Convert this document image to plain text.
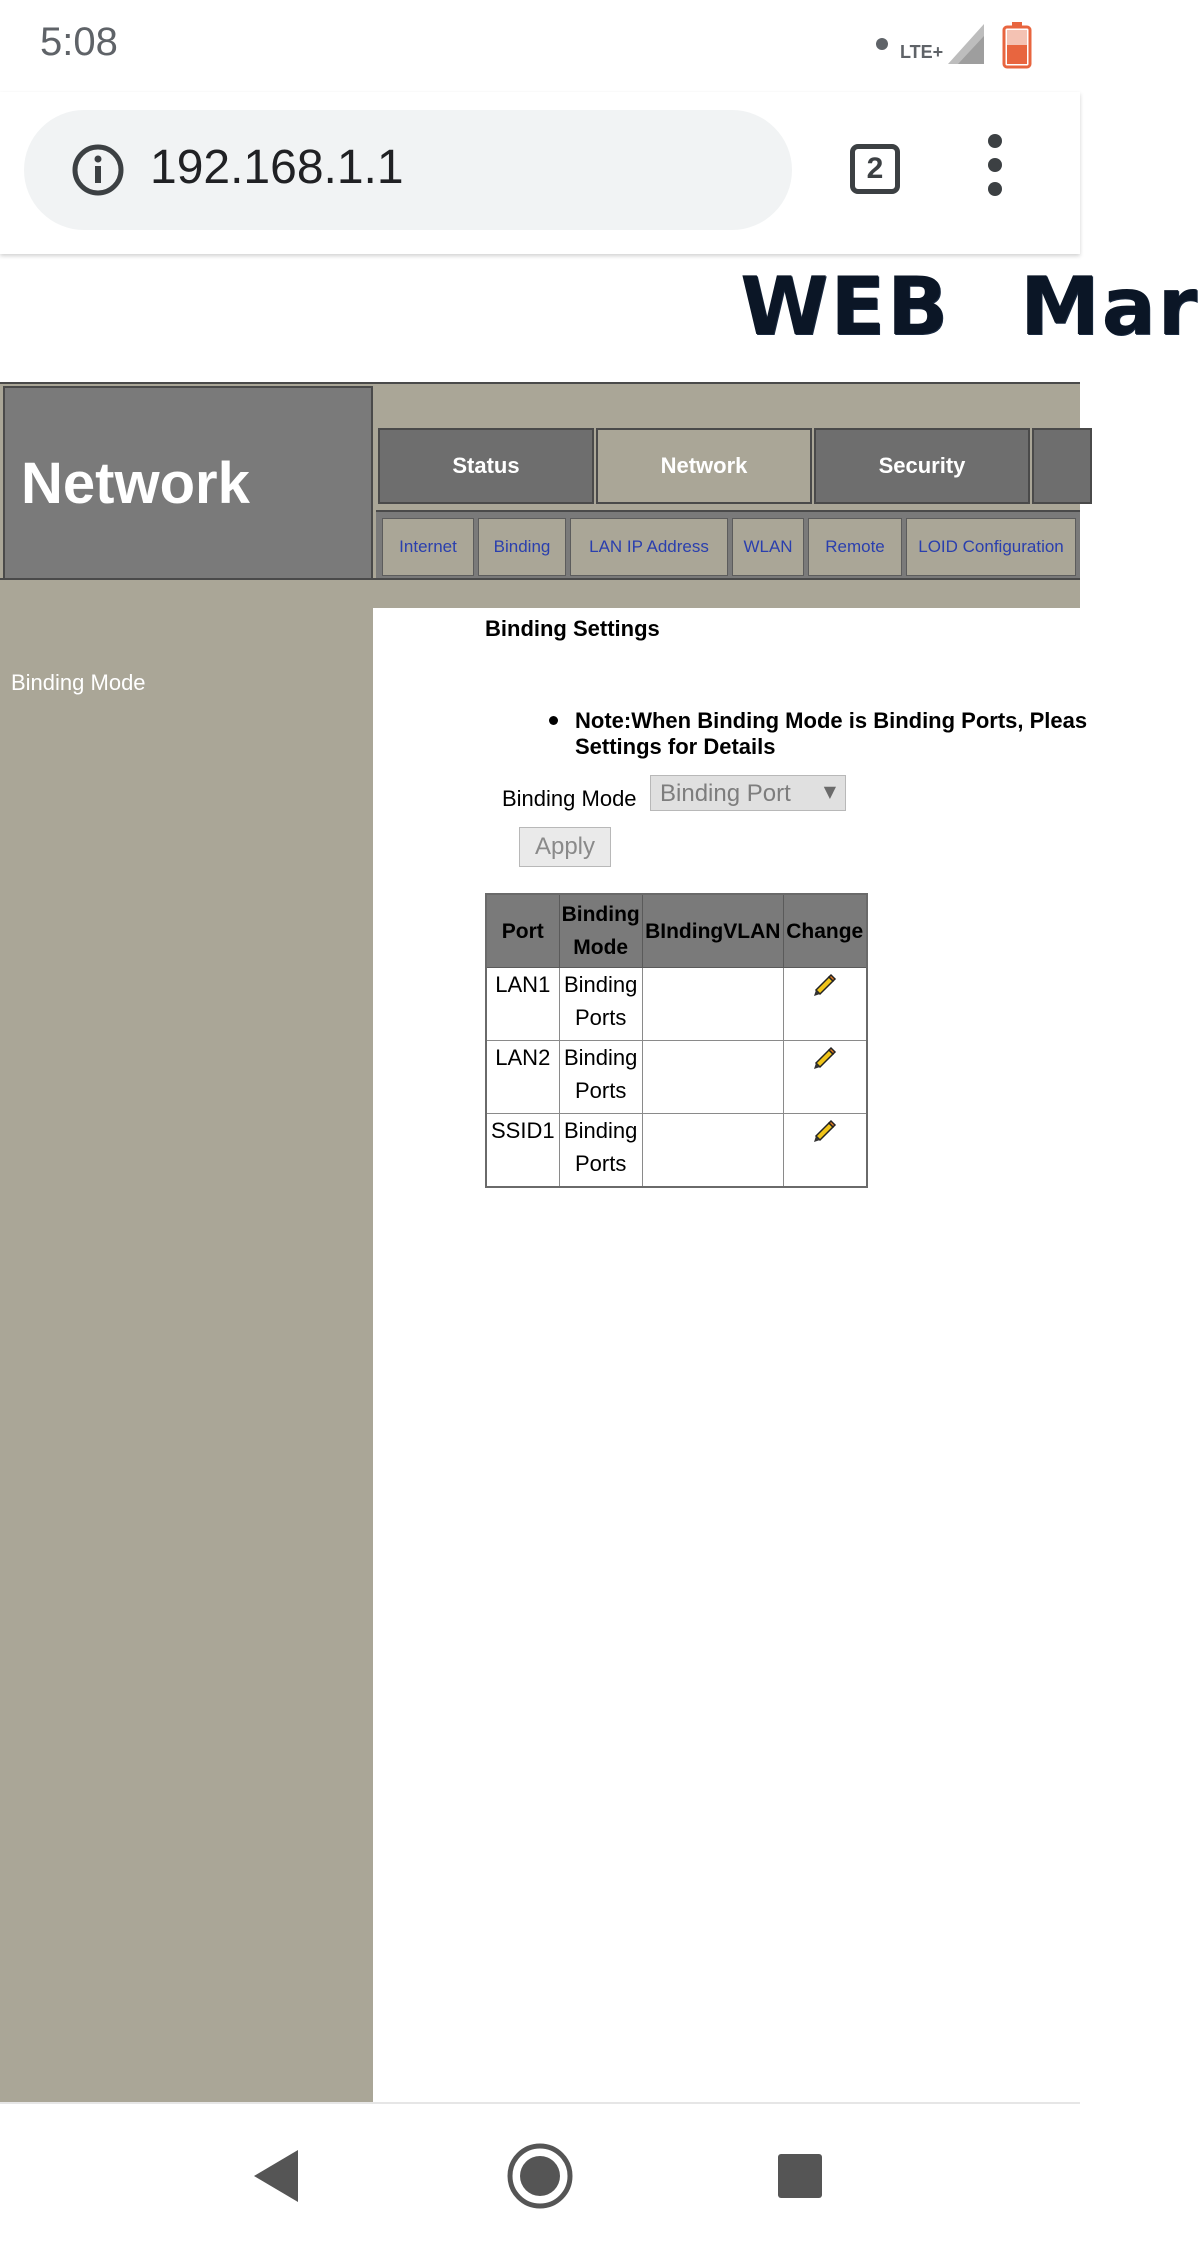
5:08	LTE+
192.168.1.1	2
WEB Mar
Network	Status	Network	Security
Internet	Binding	LAN IP Address	WLAN	Remote	LOID Configuration
Binding Mode
Binding Settings
Note:When Binding Mode is Binding Ports, Pleas
Settings for Details
Binding Mode Binding Port ▼
Apply
Port	Binding Mode	BIndingVLAN	Change
LAN1	Binding Ports		
LAN2	Binding Ports		
SSID1	Binding Ports		
